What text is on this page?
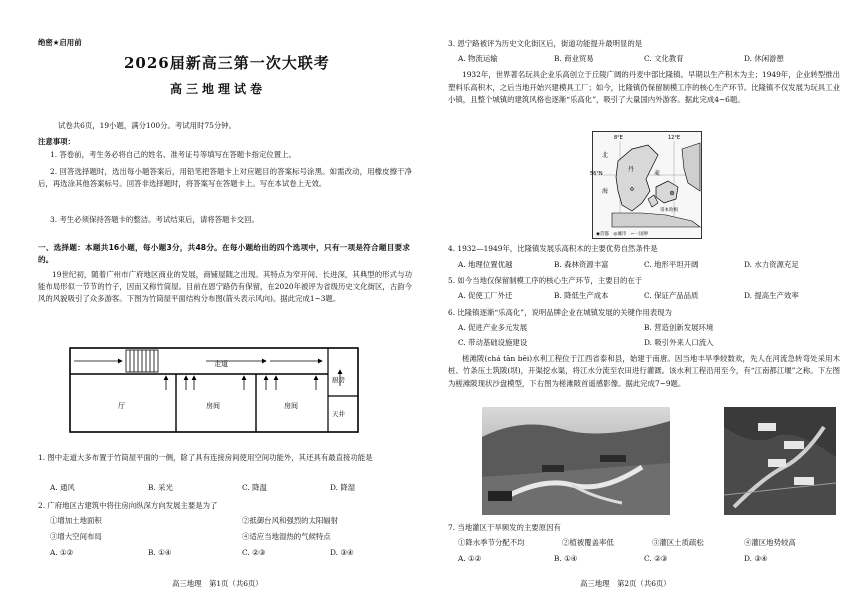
绝密★启用前
2026届新高三第一次大联考
高三地理试卷
试卷共6页，19小题，满分100分。考试用时75分钟。
注意事项：
1. 答卷前，考生务必将自己的姓名、准考证号等填写在答题卡指定位置上。
2. 回答选择题时，选出每小题答案后，用铅笔把答题卡上对应题目的答案标号涂黑。如需改动，用橡皮擦干净后，再选涂其他答案标号。回答非选择题时，将答案写在答题卡上。写在本试卷上无效。
3. 考生必须保持答题卡的整洁。考试结束后，请将答题卡交回。
一、选择题：本题共16小题，每小题3分，共48分。在每小题给出的四个选项中，只有一项是符合题目要求的。
19世纪初，随着广州市广府地区商业的发展，商铺屋随之出现。其特点为窄开间、长进深，其典型的形式与功能布局形似一节节的竹子，因而又称竹筒屋。目前在恩宁路仍有保留，在2020年被评为省级历史文化街区，古韵今风的风貌吸引了众多游客。下图为竹筒屋平面结构分布图(箭头表示风向)。据此完成1~3题。
走道
厅	房间	房间
厨房
天井
1. 图中走道大多布置于竹筒屋平面的一侧，除了具有连接房间使用空间功能外，其还具有最直接功能是
A. 通风	B. 采光	C. 降温	D. 降湿
2. 广府地区古建筑中将住房向纵深方向发展主要是为了
①增加土地面积	②抵御台风和强烈的太阳辐射
③增大空间布局	④适应当地湿热的气候特点
A. ①②	B. ①④	C. ②③	D. ③④
高三地理　第1页（共6页）
3. 恩宁路被评为历史文化街区后，街道功能提升最明显的是
A. 物流运输	B. 商业贸易	C. 文化教育	D. 休闲游憩
1932年，世界著名玩具企业乐高创立于丘陵广阔的丹麦中部比隆镇。早期以生产积木为主；1949年，企业转型推出塑料乐高积木，之后当地开始兴建模具工厂；如今，比隆镇仍保留制模工序的核心生产环节。比隆镇不仅发展为玩具工业小镇，且整个城镇的建筑风格也逐渐“乐高化”，吸引了大量国内外游客。据此完成4~6题。
8°E	12°E
56°N
北
海
丹
麦
哥本哈根
◉首都　◎城市　⌐一国界
4. 1932—1949年，比隆镇发展乐高积木的主要优势自然条件是
A. 地理位置优越	B. 森林资源丰富	C. 地形平坦开阔	D. 水力资源充足
5. 如今当地仅保留制模工序的核心生产环节，主要目的在于
A. 促使工厂外迁	B. 降低生产成本	C. 保证产品品质	D. 提高生产效率
6. 比隆镇逐渐“乐高化”，说明品牌企业在城镇发展的关键作用表现为
A. 促进产业多元发展	B. 营造创新发展环境
C. 带动基础设施建设	D. 吸引外来人口流入
槎滩陂(chá tān bēi)水利工程位于江西省泰和县，始建于南唐。因当地丰旱季较数欢，先人在河流急转弯处采用木桩、竹条压土筑陂(坝)，开渠挖水渠，将江水分流至农田进行灌溉。该水利工程沿用至今，有“江南都江堰”之称。下左图为槎滩陂现状沙盘模型，下右图为槎滩陂首遥感影像。据此完成7~9题。
7. 当地灌区干旱频发的主要原因有
①降水季节分配不均	②植被覆盖率低	③灌区土质疏松	④灌区地势较高
A. ①②	B. ①④	C. ②③	D. ③④
高三地理　第2页（共6页）
